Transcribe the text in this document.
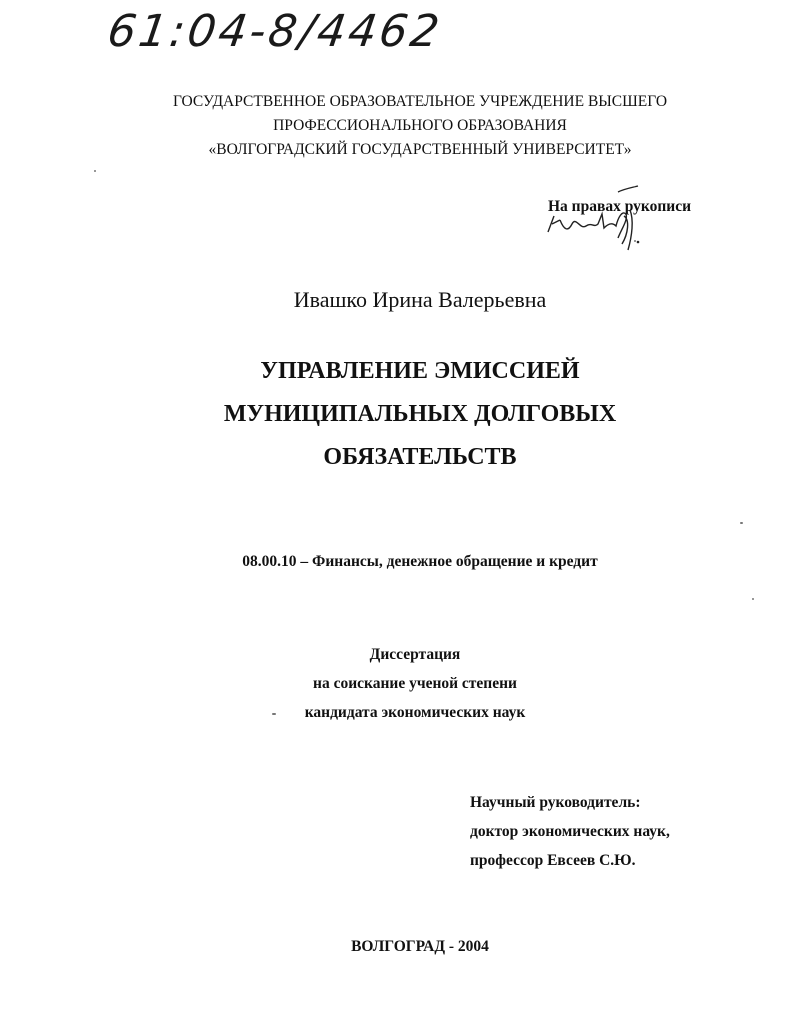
61:04-8/4462
ГОСУДАРСТВЕННОЕ ОБРАЗОВАТЕЛЬНОЕ УЧРЕЖДЕНИЕ ВЫСШЕГО
ПРОФЕССИОНАЛЬНОГО ОБРАЗОВАНИЯ
«ВОЛГОГРАДСКИЙ ГОСУДАРСТВЕННЫЙ УНИВЕРСИТЕТ»
На правах рукописи
Ивашко Ирина Валерьевна
УПРАВЛЕНИЕ ЭМИССИЕЙ
МУНИЦИПАЛЬНЫХ ДОЛГОВЫХ
ОБЯЗАТЕЛЬСТВ
08.00.10 – Финансы, денежное обращение и кредит
Диссертация
на соискание ученой степени
кандидата экономических наук
Научный руководитель:
доктор экономических наук,
профессор Евсеев С.Ю.
ВОЛГОГРАД - 2004
